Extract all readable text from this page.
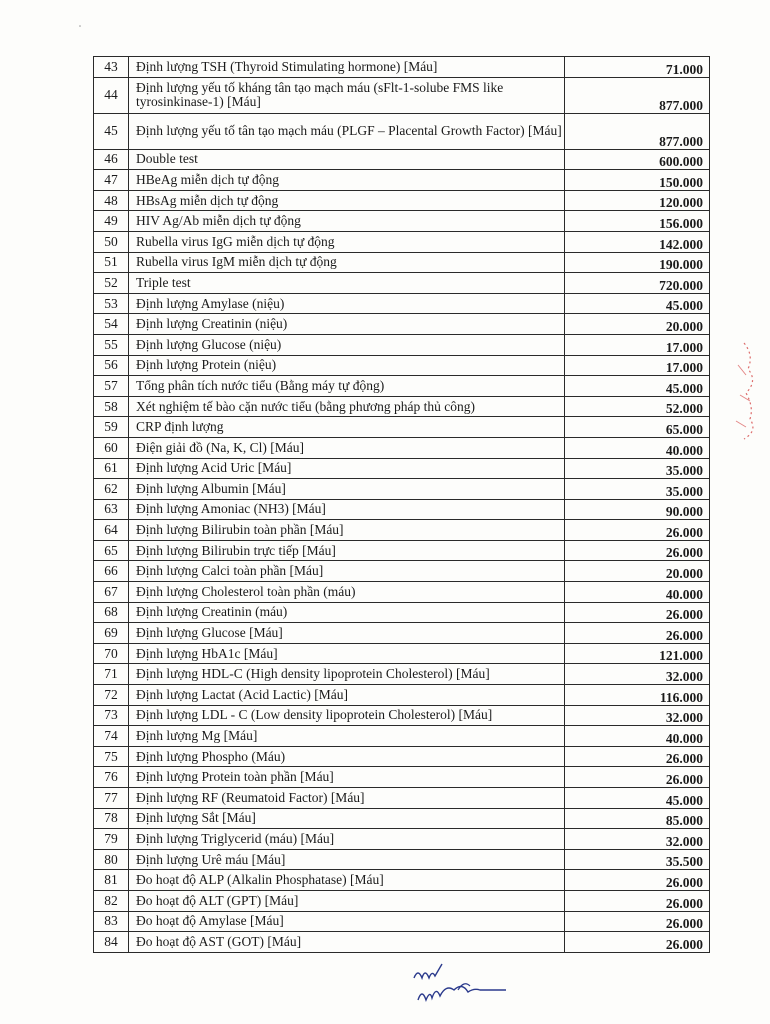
43	Định lượng TSH (Thyroid Stimulating hormone) [Máu]	71.000
44	Định lượng yếu tố kháng tân tạo mạch máu (sFlt-1-solube FMS like tyrosinkinase-1) [Máu]	877.000
45	Định lượng yếu tố tân tạo mạch máu (PLGF – Placental Growth Factor) [Máu]	877.000
46	Double test	600.000
47	HBeAg miễn dịch tự động	150.000
48	HBsAg miễn dịch tự động	120.000
49	HIV Ag/Ab miễn dịch tự động	156.000
50	Rubella virus IgG miễn dịch tự động	142.000
51	Rubella virus IgM miễn dịch tự động	190.000
52	Triple test	720.000
53	Định lượng Amylase (niệu)	45.000
54	Định lượng Creatinin (niệu)	20.000
55	Định lượng Glucose (niệu)	17.000
56	Định lượng Protein (niệu)	17.000
57	Tổng phân tích nước tiểu (Bằng máy tự động)	45.000
58	Xét nghiệm tế bào cặn nước tiểu (bằng phương pháp thủ công)	52.000
59	CRP định lượng	65.000
60	Điện giải đồ (Na, K, Cl) [Máu]	40.000
61	Định lượng Acid Uric [Máu]	35.000
62	Định lượng Albumin [Máu]	35.000
63	Định lượng Amoniac (NH3) [Máu]	90.000
64	Định lượng Bilirubin toàn phần [Máu]	26.000
65	Định lượng Bilirubin trực tiếp [Máu]	26.000
66	Định lượng Calci toàn phần [Máu]	20.000
67	Định lượng Cholesterol toàn phần (máu)	40.000
68	Định lượng Creatinin (máu)	26.000
69	Định lượng Glucose [Máu]	26.000
70	Định lượng HbA1c [Máu]	121.000
71	Định lượng HDL-C (High density lipoprotein Cholesterol) [Máu]	32.000
72	Định lượng Lactat (Acid Lactic) [Máu]	116.000
73	Định lượng LDL - C (Low density lipoprotein Cholesterol) [Máu]	32.000
74	Định lượng Mg [Máu]	40.000
75	Định lượng Phospho (Máu)	26.000
76	Định lượng Protein toàn phần [Máu]	26.000
77	Định lượng RF (Reumatoid Factor) [Máu]	45.000
78	Định lượng Sắt [Máu]	85.000
79	Định lượng Triglycerid (máu) [Máu]	32.000
80	Định lượng Urê máu [Máu]	35.500
81	Đo hoạt độ ALP (Alkalin Phosphatase) [Máu]	26.000
82	Đo hoạt độ ALT (GPT) [Máu]	26.000
83	Đo hoạt độ Amylase [Máu]	26.000
84	Đo hoạt độ AST (GOT) [Máu]	26.000
